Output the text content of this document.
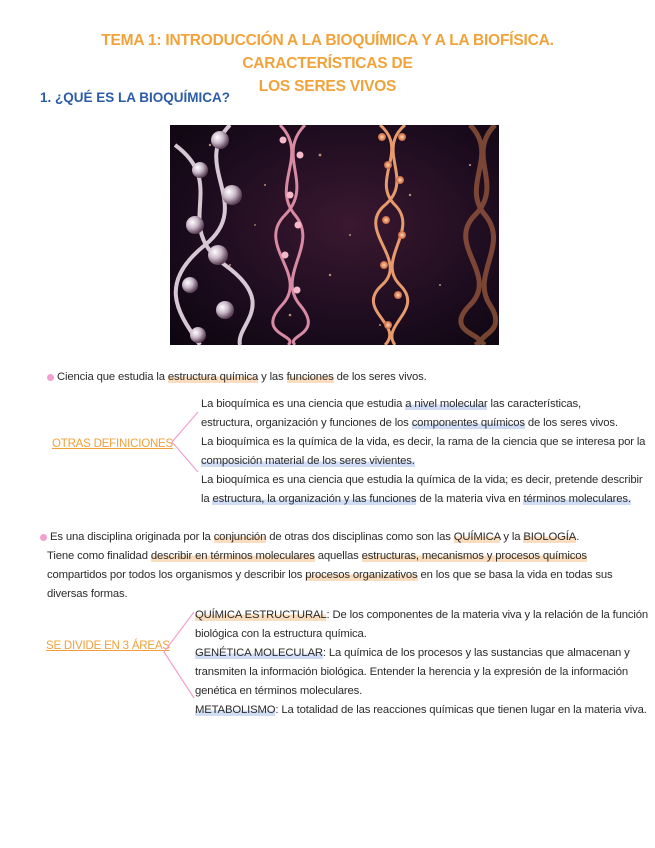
TEMA 1: INTRODUCCIÓN A LA BIOQUÍMICA Y A LA BIOFÍSICA. CARACTERÍSTICAS DE
LOS SERES VIVOS
1. ¿QUÉ ES LA BIOQUÍMICA?
Ciencia que estudia la estructura química y las funciones de los seres vivos.
OTRAS DEFINICIONES
La bioquímica es una ciencia que estudia a nivel molecular las características,
estructura, organización y funciones de los componentes químicos de los seres vivos.
La bioquímica es la química de la vida, es decir, la rama de la ciencia que se interesa por la
composición material de los seres vivientes.
La bioquímica es una ciencia que estudia la química de la vida; es decir, pretende describir
la estructura, la organización y las funciones de la materia viva en términos moleculares.
Es una disciplina originada por la conjunción de otras dos disciplinas como son las QUÍMICA y la BIOLOGÍA.
Tiene como finalidad describir en términos moleculares aquellas estructuras, mecanismos y procesos químicos
compartidos por todos los organismos y describir los procesos organizativos en los que se basa la vida en todas sus
diversas formas.
SE DIVIDE EN 3 ÁREAS
QUÍMICA ESTRUCTURAL: De los componentes de la materia viva y la relación de la función
biológica con la estructura química.
GENÉTICA MOLECULAR: La química de los procesos y las sustancias que almacenan y
transmiten la información biológica. Entender la herencia y la expresión de la información
genética en términos moleculares.
METABOLISMO: La totalidad de las reacciones químicas que tienen lugar en la materia viva.
